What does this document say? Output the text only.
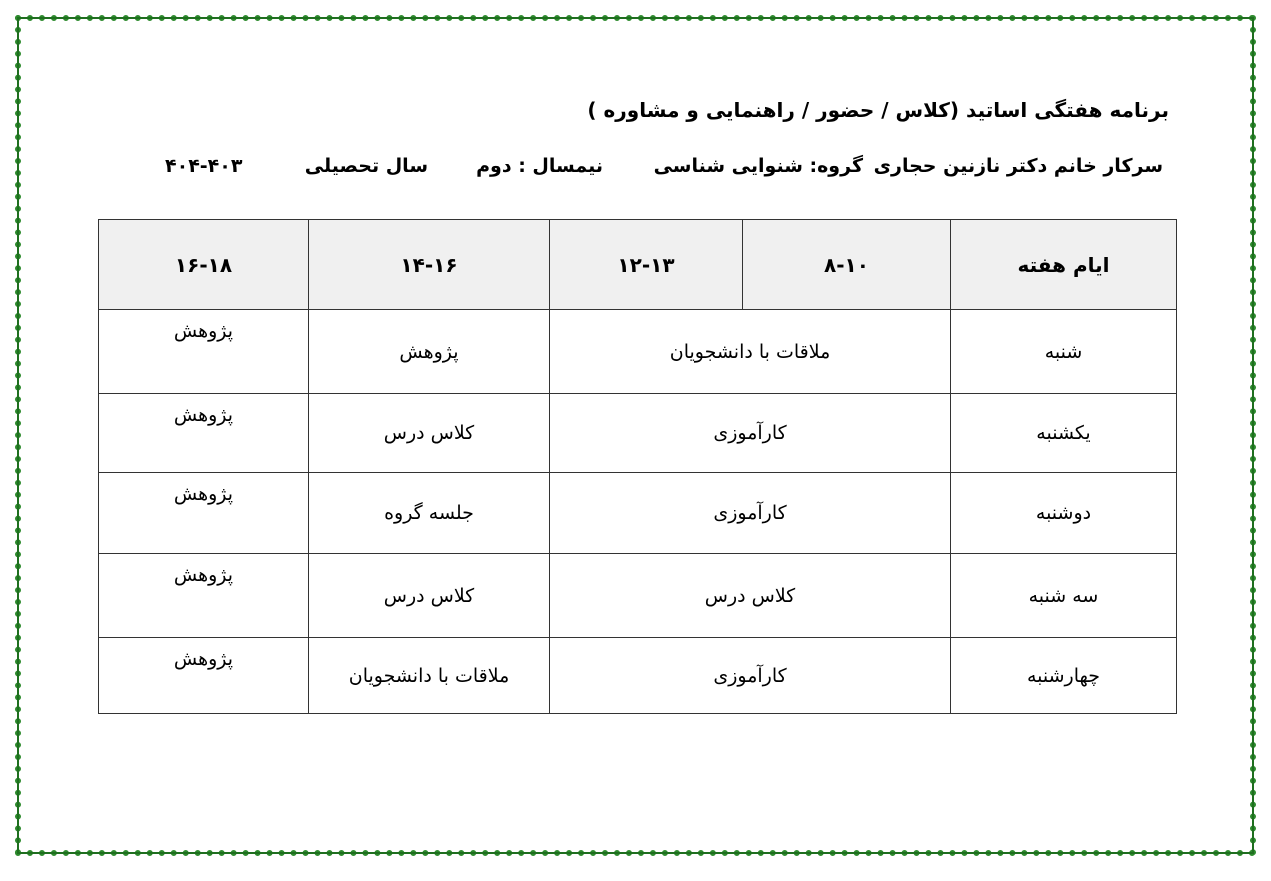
برنامه هفتگی اساتید (کلاس / حضور / راهنمایی و مشاوره )
سرکار خانم دکتر نازنین حجاری
گروه: شنوایی شناسی
نیمسال : دوم
سال تحصیلی
۴۰۴-۴۰۳
ایام هفته	۸-۱۰	۱۲-۱۳	۱۴-۱۶	۱۶-۱۸
شنبه	ملاقات با دانشجویان		پژوهش	پژوهش
یکشنبه	کارآموزی		کلاس درس	پژوهش
دوشنبه	کارآموزی		جلسه گروه	پژوهش
سه شنبه	کلاس درس		کلاس درس	پژوهش
چهارشنبه	کارآموزی		ملاقات با دانشجویان	پژوهش
